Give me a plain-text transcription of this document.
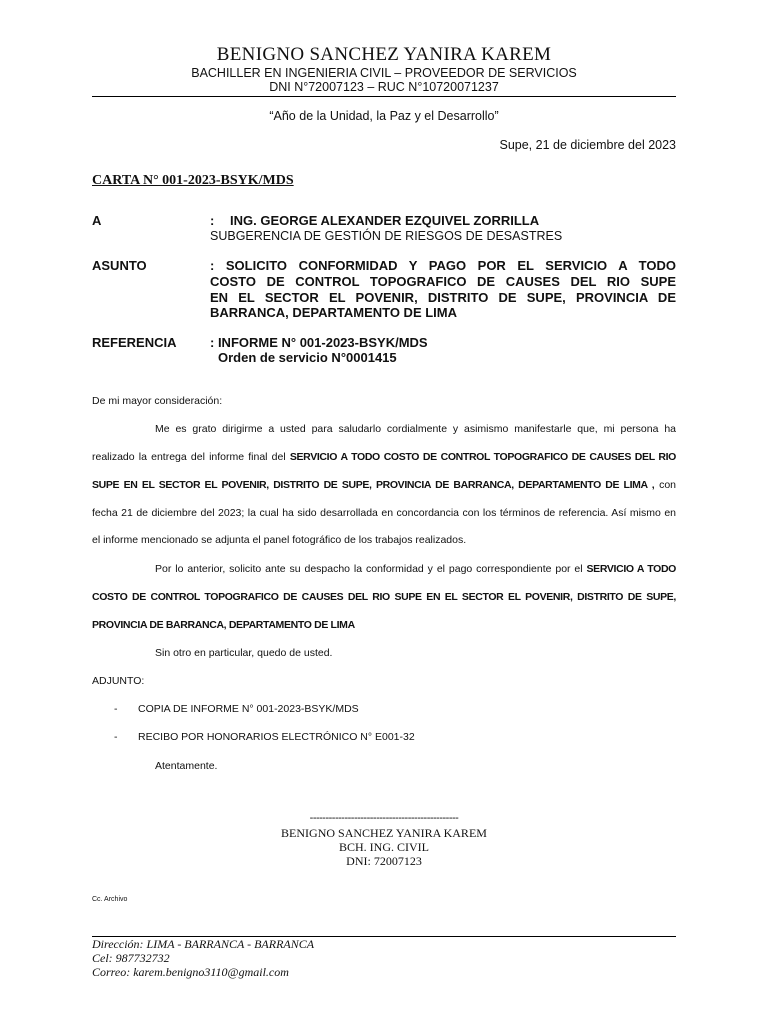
BENIGNO SANCHEZ YANIRA KAREM
BACHILLER EN INGENIERIA CIVIL – PROVEEDOR DE SERVICIOS
DNI N°72007123 – RUC N°10720071237
“Año de la Unidad, la Paz y el Desarrollo”
Supe, 21 de diciembre del 2023
CARTA N° 001-2023-BSYK/MDS
A	: ING. GEORGE ALEXANDER EZQUIVEL ZORRILLA
SUBGERENCIA DE GESTIÓN DE RIESGOS DE DESASTRES
ASUNTO	: SOLICITO CONFORMIDAD Y PAGO POR EL SERVICIO A TODO
COSTO DE CONTROL TOPOGRAFICO DE CAUSES DEL RIO SUPE
EN EL SECTOR EL POVENIR, DISTRITO DE SUPE, PROVINCIA DE
BARRANCA, DEPARTAMENTO DE LIMA
REFERENCIA	: INFORME N° 001-2023-BSYK/MDS
Orden de servicio N°0001415
De mi mayor consideración:
Me es grato dirigirme a usted para saludarlo cordialmente y asimismo manifestarle que, mi persona ha
realizado la entrega del informe final del SERVICIO A TODO COSTO DE CONTROL TOPOGRAFICO DE CAUSES DEL RIO
SUPE EN EL SECTOR EL POVENIR, DISTRITO DE SUPE, PROVINCIA DE BARRANCA, DEPARTAMENTO DE LIMA , con
fecha 21 de diciembre del 2023; la cual ha sido desarrollada en concordancia con los términos de referencia. Así mismo en
el informe mencionado se adjunta el panel fotográfico de los trabajos realizados.
Por lo anterior, solicito ante su despacho la conformidad y el pago correspondiente por el SERVICIO A TODO
COSTO DE CONTROL TOPOGRAFICO DE CAUSES DEL RIO SUPE EN EL SECTOR EL POVENIR, DISTRITO DE SUPE,
PROVINCIA DE BARRANCA, DEPARTAMENTO DE LIMA
Sin otro en particular, quedo de usted.
ADJUNTO:
- COPIA DE INFORME N° 001-2023-BSYK/MDS
- RECIBO POR HONORARIOS ELECTRÓNICO N° E001-32
Atentamente.
-----------------------------------------------
BENIGNO SANCHEZ YANIRA KAREM
BCH. ING. CIVIL
DNI: 72007123
Cc. Archivo
Dirección: LIMA - BARRANCA - BARRANCA
Cel: 987732732
Correo: karem.benigno3110@gmail.com
